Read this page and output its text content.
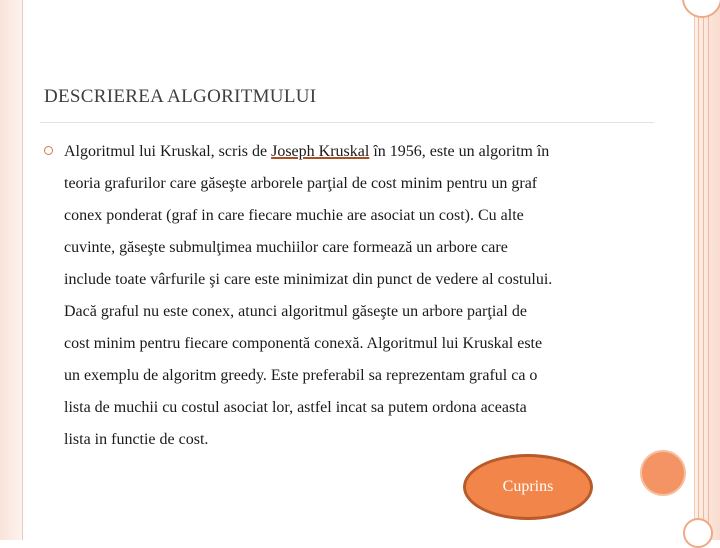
DESCRIEREA ALGORITMULUI
Algoritmul lui Kruskal, scris de Joseph Kruskal în 1956, este un algoritm în
teoria grafurilor care găseşte arborele parţial de cost minim pentru un graf
conex ponderat (graf in care fiecare muchie are asociat un cost). Cu alte
cuvinte, găseşte submulţimea muchiilor care formează un arbore care
include toate vârfurile şi care este minimizat din punct de vedere al costului.
Dacă graful nu este conex, atunci algoritmul găseşte un arbore parţial de
cost minim pentru fiecare componentă conexă. Algoritmul lui Kruskal este
un exemplu de algoritm greedy. Este preferabil sa reprezentam graful ca o
lista de muchii cu costul asociat lor, astfel incat sa putem ordona aceasta
lista in functie de cost.
Cuprins
